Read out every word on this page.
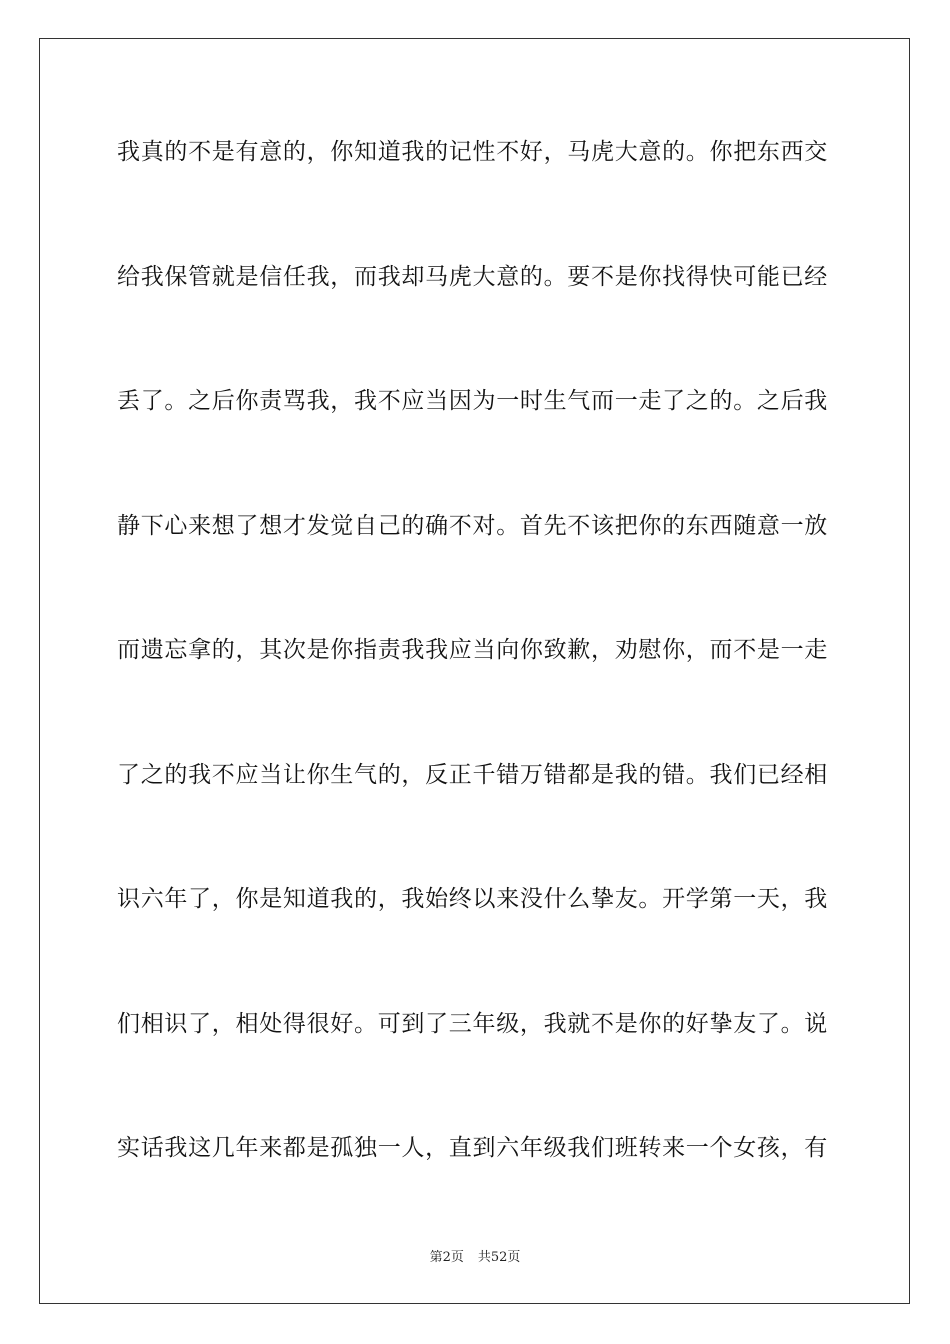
我真的不是有意的，你知道我的记性不好，马虎大意的。你把东西交
给我保管就是信任我，而我却马虎大意的。要不是你找得快可能已经
丢了。之后你责骂我，我不应当因为一时生气而一走了之的。之后我
静下心来想了想才发觉自己的确不对。首先不该把你的东西随意一放
而遗忘拿的，其次是你指责我我应当向你致歉，劝慰你，而不是一走
了之的我不应当让你生气的，反正千错万错都是我的错。我们已经相
识六年了，你是知道我的，我始终以来没什么挚友。开学第一天，我
们相识了，相处得很好。可到了三年级，我就不是你的好挚友了。说
实话我这几年来都是孤独一人，直到六年级我们班转来一个女孩，有
第2页 共52页
